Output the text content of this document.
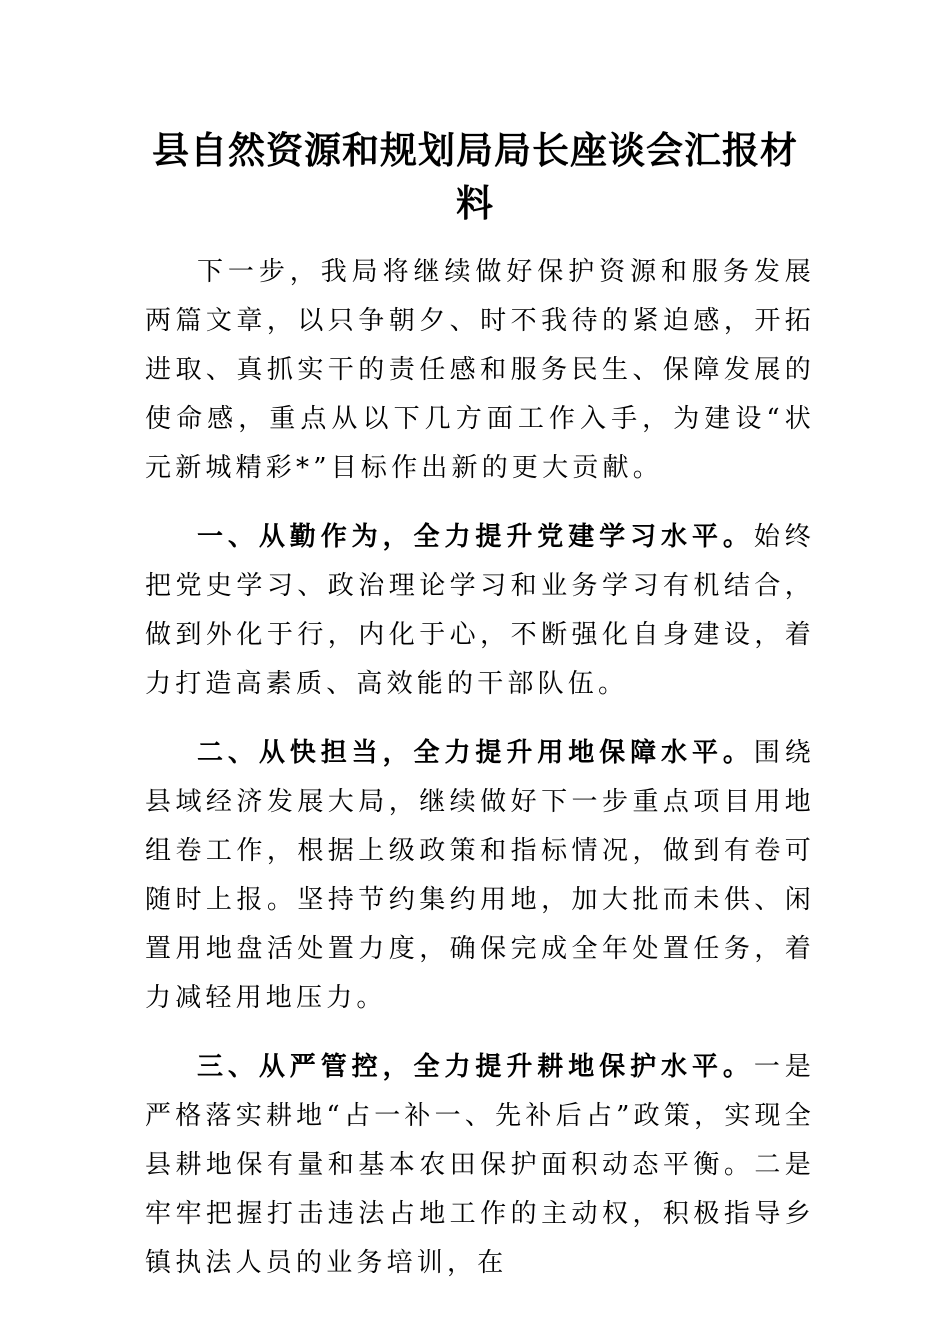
县自然资源和规划局局长座谈会汇报材
料

下一步，我局将继续做好保护资源和服务发展两篇文章，以只争朝夕、时不我待的紧迫感，开拓进取、真抓实干的责任感和服务民生、保障发展的使命感，重点从以下几方面工作入手，为建设“状元新城精彩*”目标作出新的更大贡献。

一、从勤作为，全力提升党建学习水平。始终把党史学习、政治理论学习和业务学习有机结合，做到外化于行，内化于心，不断强化自身建设，着力打造高素质、高效能的干部队伍。

二、从快担当，全力提升用地保障水平。围绕县域经济发展大局，继续做好下一步重点项目用地组卷工作，根据上级政策和指标情况，做到有卷可随时上报。坚持节约集约用地，加大批而未供、闲置用地盘活处置力度，确保完成全年处置任务，着力减轻用地压力。

三、从严管控，全力提升耕地保护水平。一是严格落实耕地“占一补一、先补后占”政策，实现全县耕地保有量和基本农田保护面积动态平衡。二是牢牢把握打击违法占地工作的主动权，积极指导乡镇执法人员的业务培训，在
